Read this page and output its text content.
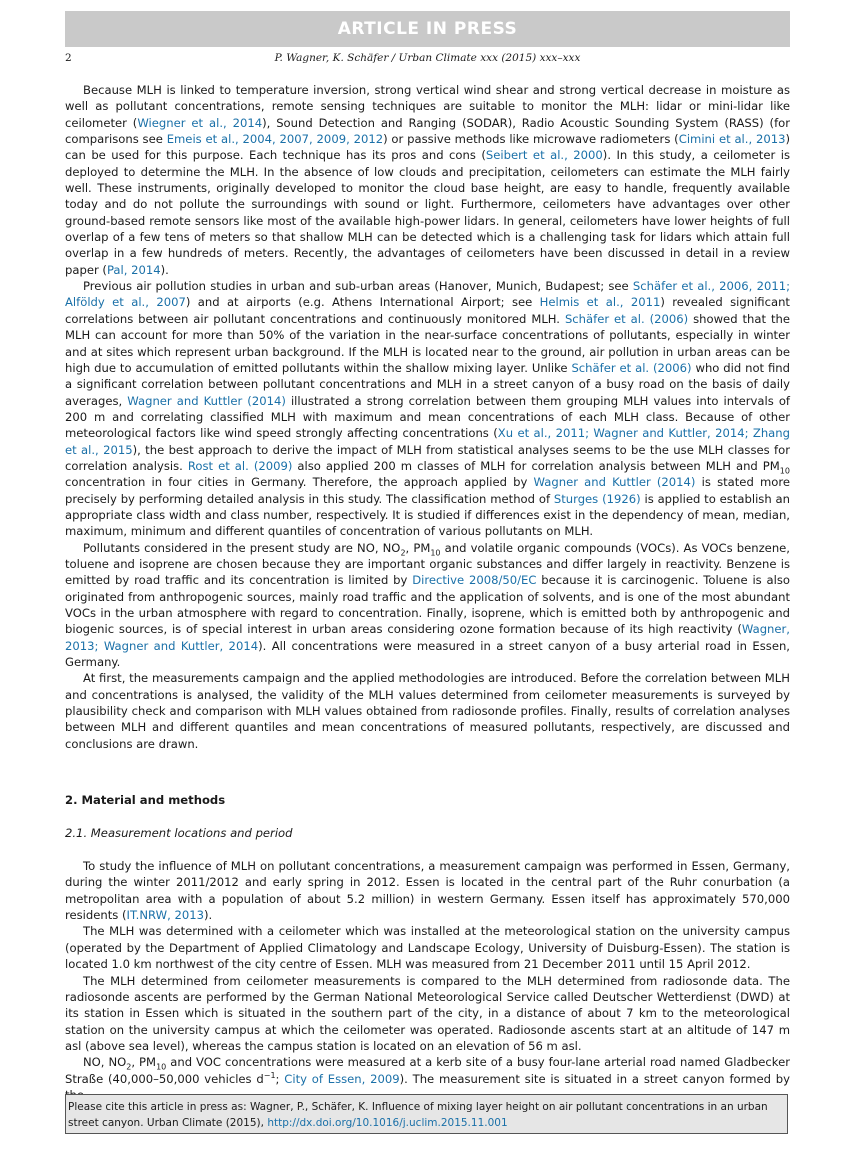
ARTICLE IN PRESS
2	P. Wagner, K. Schäfer / Urban Climate xxx (2015) xxx–xxx

Because MLH is linked to temperature inversion, strong vertical wind shear and strong vertical decrease in moisture as well as pollutant concentrations, remote sensing techniques are suitable to monitor the MLH: lidar or mini-lidar like ceilometer (Wiegner et al., 2014), Sound Detection and Ranging (SODAR), Radio Acoustic Sounding System (RASS) (for comparisons see Emeis et al., 2004, 2007, 2009, 2012) or passive methods like microwave radiometers (Cimini et al., 2013) can be used for this purpose. Each technique has its pros and cons (Seibert et al., 2000). In this study, a ceilometer is deployed to determine the MLH. In the absence of low clouds and precipitation, ceilometers can estimate the MLH fairly well. These instruments, originally developed to monitor the cloud base height, are easy to handle, frequently available today and do not pollute the surroundings with sound or light. Furthermore, ceilometers have advantages over other ground-based remote sensors like most of the available high-power lidars. In general, ceilometers have lower heights of full overlap of a few tens of meters so that shallow MLH can be detected which is a challenging task for lidars which attain full overlap in a few hundreds of meters. Recently, the advantages of ceilometers have been discussed in detail in a review paper (Pal, 2014).

Previous air pollution studies in urban and sub-urban areas (Hanover, Munich, Budapest; see Schäfer et al., 2006, 2011; Alföldy et al., 2007) and at airports (e.g. Athens International Airport; see Helmis et al., 2011) revealed significant correlations between air pollutant concentrations and continuously monitored MLH. Schäfer et al. (2006) showed that the MLH can account for more than 50% of the variation in the near-surface concentrations of pollutants, especially in winter and at sites which represent urban background. If the MLH is located near to the ground, air pollution in urban areas can be high due to accumulation of emitted pollutants within the shallow mixing layer. Unlike Schäfer et al. (2006) who did not find a significant correlation between pollutant concentrations and MLH in a street canyon of a busy road on the basis of daily averages, Wagner and Kuttler (2014) illustrated a strong correlation between them grouping MLH values into intervals of 200 m and correlating classified MLH with maximum and mean concentrations of each MLH class. Because of other meteorological factors like wind speed strongly affecting concentrations (Xu et al., 2011; Wagner and Kuttler, 2014; Zhang et al., 2015), the best approach to derive the impact of MLH from statistical analyses seems to be the use MLH classes for correlation analysis. Rost et al. (2009) also applied 200 m classes of MLH for correlation analysis between MLH and $PM_{10}$ concentration in four cities in Germany. Therefore, the approach applied by Wagner and Kuttler (2014) is stated more precisely by performing detailed analysis in this study. The classification method of Sturges (1926) is applied to establish an appropriate class width and class number, respectively. It is studied if differences exist in the dependency of mean, median, maximum, minimum and different quantiles of concentration of various pollutants on MLH.

Pollutants considered in the present study are NO, $NO_2$, $PM_{10}$ and volatile organic compounds (VOCs). As VOCs benzene, toluene and isoprene are chosen because they are important organic substances and differ largely in reactivity. Benzene is emitted by road traffic and its concentration is limited by Directive 2008/50/EC because it is carcinogenic. Toluene is also originated from anthropogenic sources, mainly road traffic and the application of solvents, and is one of the most abundant VOCs in the urban atmosphere with regard to concentration. Finally, isoprene, which is emitted both by anthropogenic and biogenic sources, is of special interest in urban areas considering ozone formation because of its high reactivity (Wagner, 2013; Wagner and Kuttler, 2014). All concentrations were measured in a street canyon of a busy arterial road in Essen, Germany.

At first, the measurements campaign and the applied methodologies are introduced. Before the correlation between MLH and concentrations is analysed, the validity of the MLH values determined from ceilometer measurements is surveyed by plausibility check and comparison with MLH values obtained from radiosonde profiles. Finally, results of correlation analyses between MLH and different quantiles and mean concentrations of measured pollutants, respectively, are discussed and conclusions are drawn.

2. Material and methods
2.1. Measurement locations and period

To study the influence of MLH on pollutant concentrations, a measurement campaign was performed in Essen, Germany, during the winter 2011/2012 and early spring in 2012. Essen is located in the central part of the Ruhr conurbation (a metropolitan area with a population of about 5.2 million) in western Germany. Essen itself has approximately 570,000 residents (IT.NRW, 2013).

The MLH was determined with a ceilometer which was installed at the meteorological station on the university campus (operated by the Department of Applied Climatology and Landscape Ecology, University of Duisburg-Essen). The station is located 1.0 km northwest of the city centre of Essen. MLH was measured from 21 December 2011 until 15 April 2012.

The MLH determined from ceilometer measurements is compared to the MLH determined from radiosonde data. The radiosonde ascents are performed by the German National Meteorological Service called Deutscher Wetterdienst (DWD) at its station in Essen which is situated in the southern part of the city, in a distance of about 7 km to the meteorological station on the university campus at which the ceilometer was operated. Radiosonde ascents start at an altitude of 147 m asl (above sea level), whereas the campus station is located on an elevation of 56 m asl.

NO, $NO_2$, $PM_{10}$ and VOC concentrations were measured at a kerb site of a busy four-lane arterial road named Gladbecker Straße (40,000–50,000 vehicles $d^{-1}$; City of Essen, 2009). The measurement site is situated in a street canyon formed by

Please cite this article in press as: Wagner, P., Schäfer, K. Influence of mixing layer height on air pollutant concentrations in an urban street canyon. Urban Climate (2015), http://dx.doi.org/10.1016/j.uclim.2015.11.001
